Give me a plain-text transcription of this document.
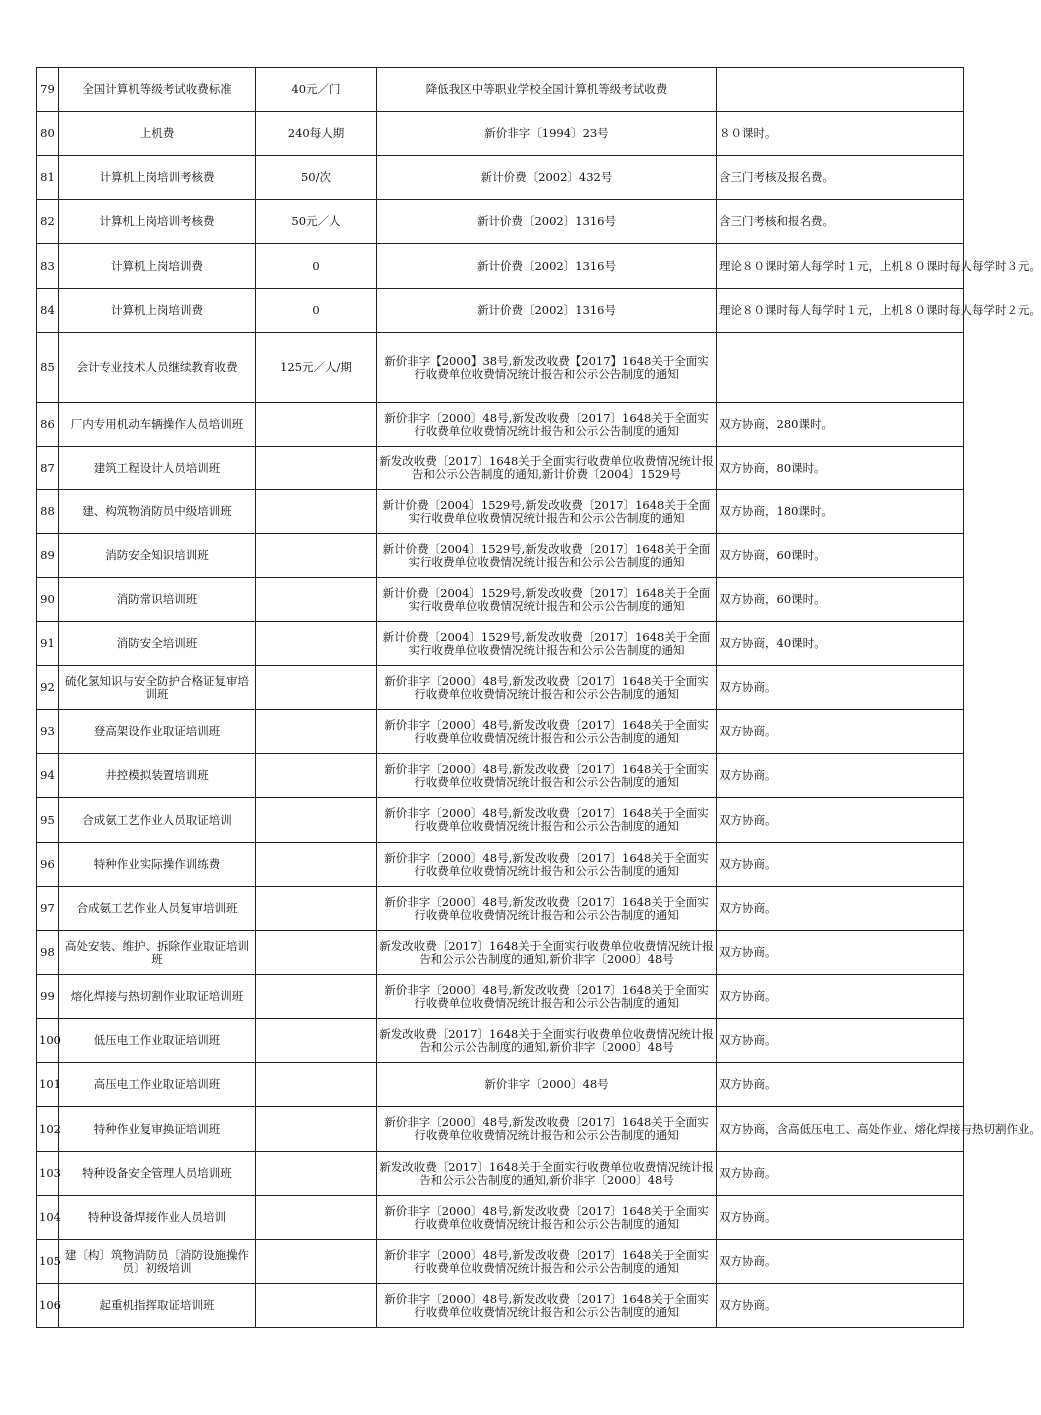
79	全国计算机等级考试收费标准	40元／门	降低我区中等职业学校全国计算机等级考试收费	
80	上机费	240每人期	新价非字〔1994〕23号	８０课时。
81	计算机上岗培训考核费	50/次	新计价费〔2002〕432号	含三门考核及报名费。
82	计算机上岗培训考核费	50元／人	新计价费〔2002〕1316号	含三门考核和报名费。
83	计算机上岗培训费	0	新计价费〔2002〕1316号	理论８０课时第人每学时１元，上机８０课时每人每学时３元。
84	计算机上岗培训费	0	新计价费〔2002〕1316号	理论８０课时每人每学时１元，上机８０课时每人每学时２元。
85	会计专业技术人员继续教育收费	125元／人/期	新价非字【2000】38号,新发改收费【2017】1648关于全面实行收费单位收费情况统计报告和公示公告制度的通知	
86	厂内专用机动车辆操作人员培训班		新价非字〔2000〕48号,新发改收费〔2017〕1648关于全面实行收费单位收费情况统计报告和公示公告制度的通知	双方协商，280课时。
87	建筑工程设计人员培训班		新发改收费〔2017〕1648关于全面实行收费单位收费情况统计报告和公示公告制度的通知,新计价费〔2004〕1529号	双方协商，80课时。
88	建、构筑物消防员中级培训班		新计价费〔2004〕1529号,新发改收费〔2017〕1648关于全面实行收费单位收费情况统计报告和公示公告制度的通知	双方协商，180课时。
89	消防安全知识培训班		新计价费〔2004〕1529号,新发改收费〔2017〕1648关于全面实行收费单位收费情况统计报告和公示公告制度的通知	双方协商，60课时。
90	消防常识培训班		新计价费〔2004〕1529号,新发改收费〔2017〕1648关于全面实行收费单位收费情况统计报告和公示公告制度的通知	双方协商，60课时。
91	消防安全培训班		新计价费〔2004〕1529号,新发改收费〔2017〕1648关于全面实行收费单位收费情况统计报告和公示公告制度的通知	双方协商，40课时。
92	硫化氢知识与安全防护合格证复审培训班		新价非字〔2000〕48号,新发改收费〔2017〕1648关于全面实行收费单位收费情况统计报告和公示公告制度的通知	双方协商。
93	登高架设作业取证培训班		新价非字〔2000〕48号,新发改收费〔2017〕1648关于全面实行收费单位收费情况统计报告和公示公告制度的通知	双方协商。
94	井控模拟装置培训班		新价非字〔2000〕48号,新发改收费〔2017〕1648关于全面实行收费单位收费情况统计报告和公示公告制度的通知	双方协商。
95	合成氨工艺作业人员取证培训		新价非字〔2000〕48号,新发改收费〔2017〕1648关于全面实行收费单位收费情况统计报告和公示公告制度的通知	双方协商。
96	特种作业实际操作训练费		新价非字〔2000〕48号,新发改收费〔2017〕1648关于全面实行收费单位收费情况统计报告和公示公告制度的通知	双方协商。
97	合成氨工艺作业人员复审培训班		新价非字〔2000〕48号,新发改收费〔2017〕1648关于全面实行收费单位收费情况统计报告和公示公告制度的通知	双方协商。
98	高处安装、维护、拆除作业取证培训班		新发改收费〔2017〕1648关于全面实行收费单位收费情况统计报告和公示公告制度的通知,新价非字〔2000〕48号	双方协商。
99	熔化焊接与热切割作业取证培训班		新价非字〔2000〕48号,新发改收费〔2017〕1648关于全面实行收费单位收费情况统计报告和公示公告制度的通知	双方协商。
100	低压电工作业取证培训班		新发改收费〔2017〕1648关于全面实行收费单位收费情况统计报告和公示公告制度的通知,新价非字〔2000〕48号	双方协商。
101	高压电工作业取证培训班		新价非字〔2000〕48号	双方协商。
102	特种作业复审换证培训班		新价非字〔2000〕48号,新发改收费〔2017〕1648关于全面实行收费单位收费情况统计报告和公示公告制度的通知	双方协商，含高低压电工、高处作业、熔化焊接与热切割作业。
103	特种设备安全管理人员培训班		新发改收费〔2017〕1648关于全面实行收费单位收费情况统计报告和公示公告制度的通知,新价非字〔2000〕48号	双方协商。
104	特种设备焊接作业人员培训		新价非字〔2000〕48号,新发改收费〔2017〕1648关于全面实行收费单位收费情况统计报告和公示公告制度的通知	双方协商。
105	建〔构〕筑物消防员〔消防设施操作员〕初级培训		新价非字〔2000〕48号,新发改收费〔2017〕1648关于全面实行收费单位收费情况统计报告和公示公告制度的通知	双方协商。
106	起重机指挥取证培训班		新价非字〔2000〕48号,新发改收费〔2017〕1648关于全面实行收费单位收费情况统计报告和公示公告制度的通知	双方协商。
